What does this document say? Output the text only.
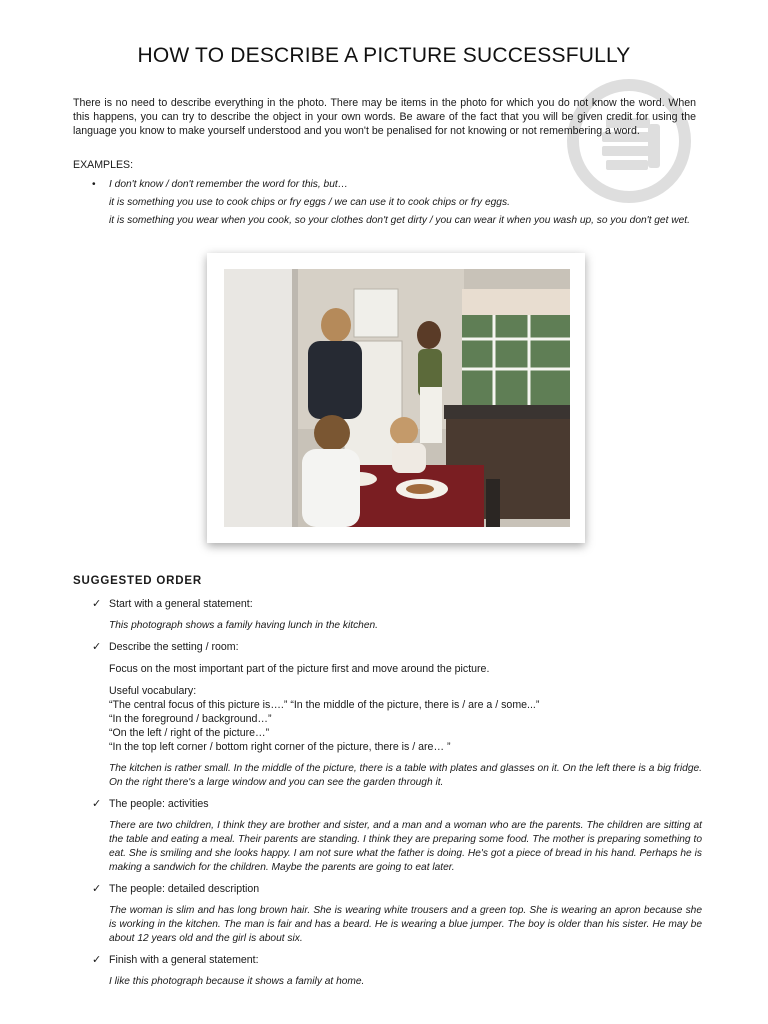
HOW TO DESCRIBE A PICTURE SUCCESSFULLY
There is no need to describe everything in the photo. There may be items in the photo for which you do not know the word. When this happens, you can try to describe the object in your own words. Be aware of the fact that you will be given credit for using the language you know to make yourself understood and you won't be penalised for not knowing or not remembering a word.
EXAMPLES:
• I don't know / don't remember the word for this, but…
it is something you use to cook chips or fry eggs / we can use it to cook chips or fry eggs.
it is something you wear when you cook, so your clothes don't get dirty / you can wear it when you wash up, so you don't get wet.
SUGGESTED ORDER
✓ Start with a general statement:
This photograph shows a family having lunch in the kitchen.
✓ Describe the setting / room:
Focus on the most important part of the picture first and move around the picture.
Useful vocabulary:
“The central focus of this picture is….” “In the middle of the picture, there is / are a / some...”
“In the foreground / background…”
“On the left / right of the picture…”
“In the top left corner / bottom right corner of the picture, there is / are… ”
The kitchen is rather small. In the middle of the picture, there is a table with plates and glasses on it. On the left there is a big fridge. On the right there's a large window and you can see the garden through it.
✓ The people: activities
There are two children, I think they are brother and sister, and a man and a woman who are the parents. The children are sitting at the table and eating a meal. Their parents are standing. I think they are preparing some food. The mother is preparing something to eat. She is smiling and she looks happy. I am not sure what the father is doing. He's got a piece of bread in his hand. Perhaps he is making a sandwich for the children. Maybe the parents are going to eat later.
✓ The people: detailed description
The woman is slim and has long brown hair. She is wearing white trousers and a green top. She is wearing an apron because she is working in the kitchen. The man is fair and has a beard. He is wearing a blue jumper. The boy is older than his sister. He may be about 12 years old and the girl is about six.
✓ Finish with a general statement:
I like this photograph because it shows a family at home.
